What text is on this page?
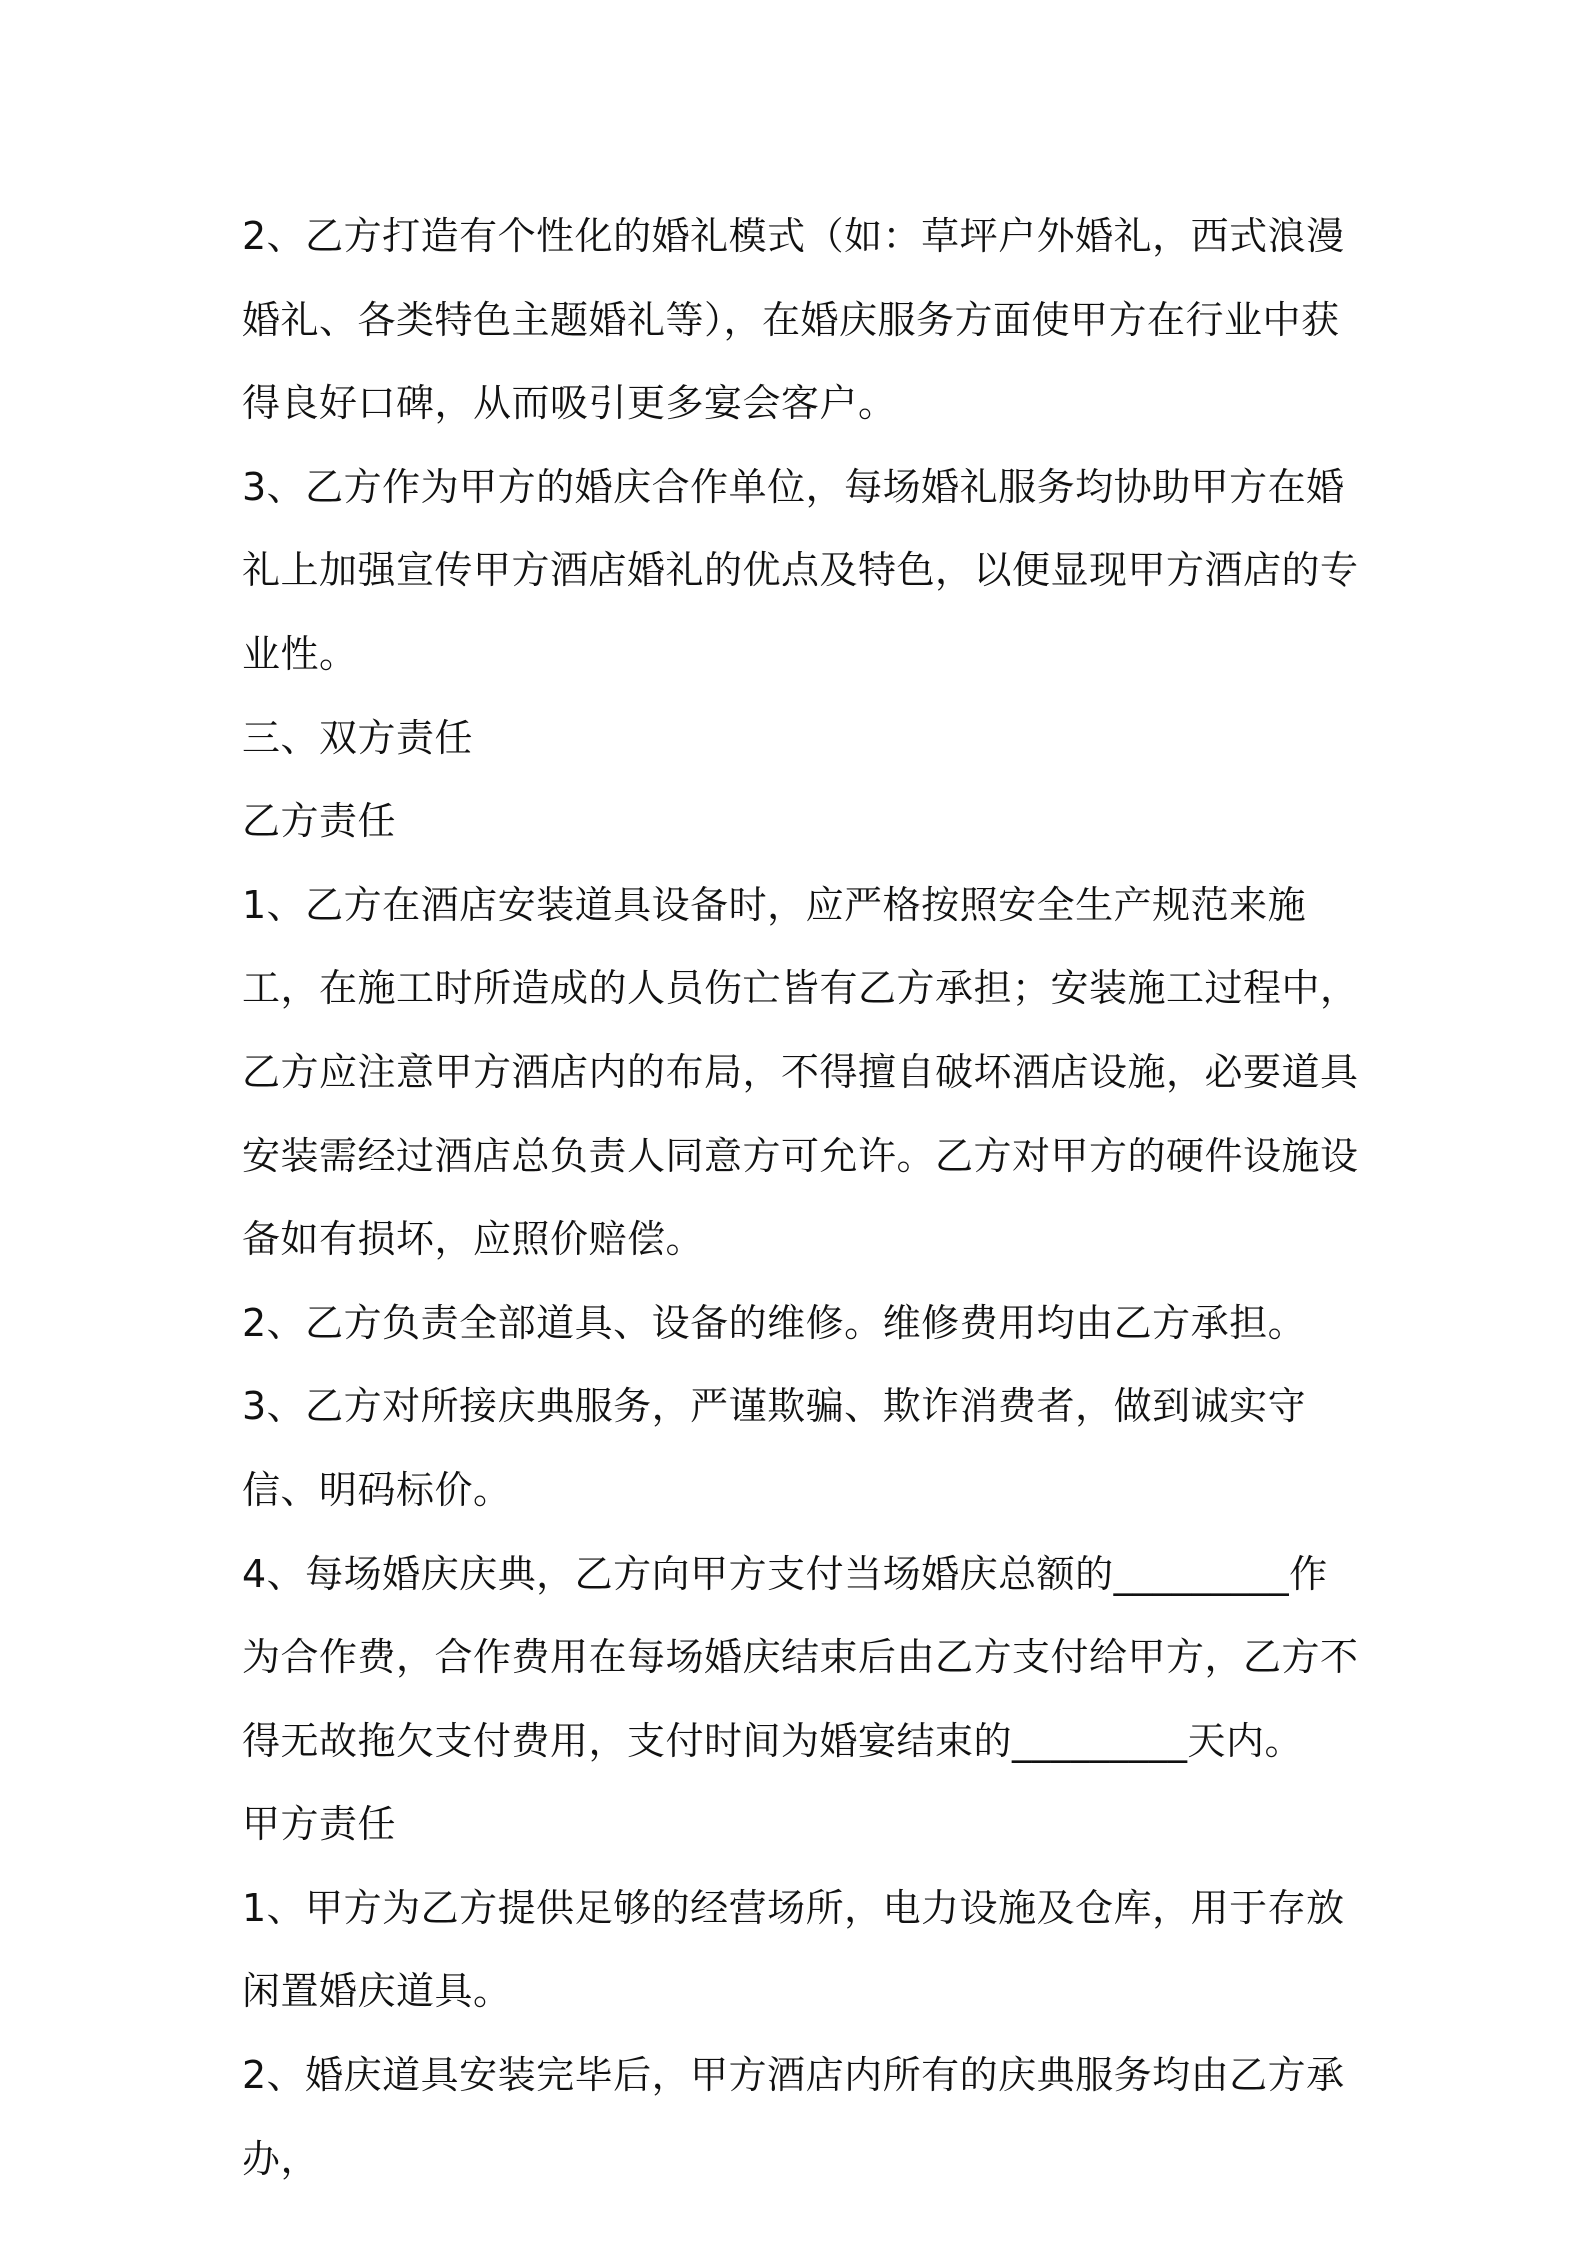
2、乙方打造有个性化的婚礼模式（如：草坪户外婚礼，西式浪漫婚礼、各类特色主题婚礼等），在婚庆服务方面使甲方在行业中获得良好口碑，从而吸引更多宴会客户。

3、乙方作为甲方的婚庆合作单位，每场婚礼服务均协助甲方在婚礼上加强宣传甲方酒店婚礼的优点及特色，以便显现甲方酒店的专业性。

三、双方责任

乙方责任

1、乙方在酒店安装道具设备时，应严格按照安全生产规范来施工，在施工时所造成的人员伤亡皆有乙方承担；安装施工过程中，乙方应注意甲方酒店内的布局，不得擅自破坏酒店设施，必要道具安装需经过酒店总负责人同意方可允许。乙方对甲方的硬件设施设备如有损坏，应照价赔偿。

2、乙方负责全部道具、设备的维修。维修费用均由乙方承担。

3、乙方对所接庆典服务，严谨欺骗、欺诈消费者，做到诚实守信、明码标价。

4、每场婚庆庆典，乙方向甲方支付当场婚庆总额的_________作为合作费，合作费用在每场婚庆结束后由乙方支付给甲方，乙方不得无故拖欠支付费用，支付时间为婚宴结束的_________天内。

甲方责任

1、甲方为乙方提供足够的经营场所，电力设施及仓库，用于存放闲置婚庆道具。

2、婚庆道具安装完毕后，甲方酒店内所有的庆典服务均由乙方承办，
